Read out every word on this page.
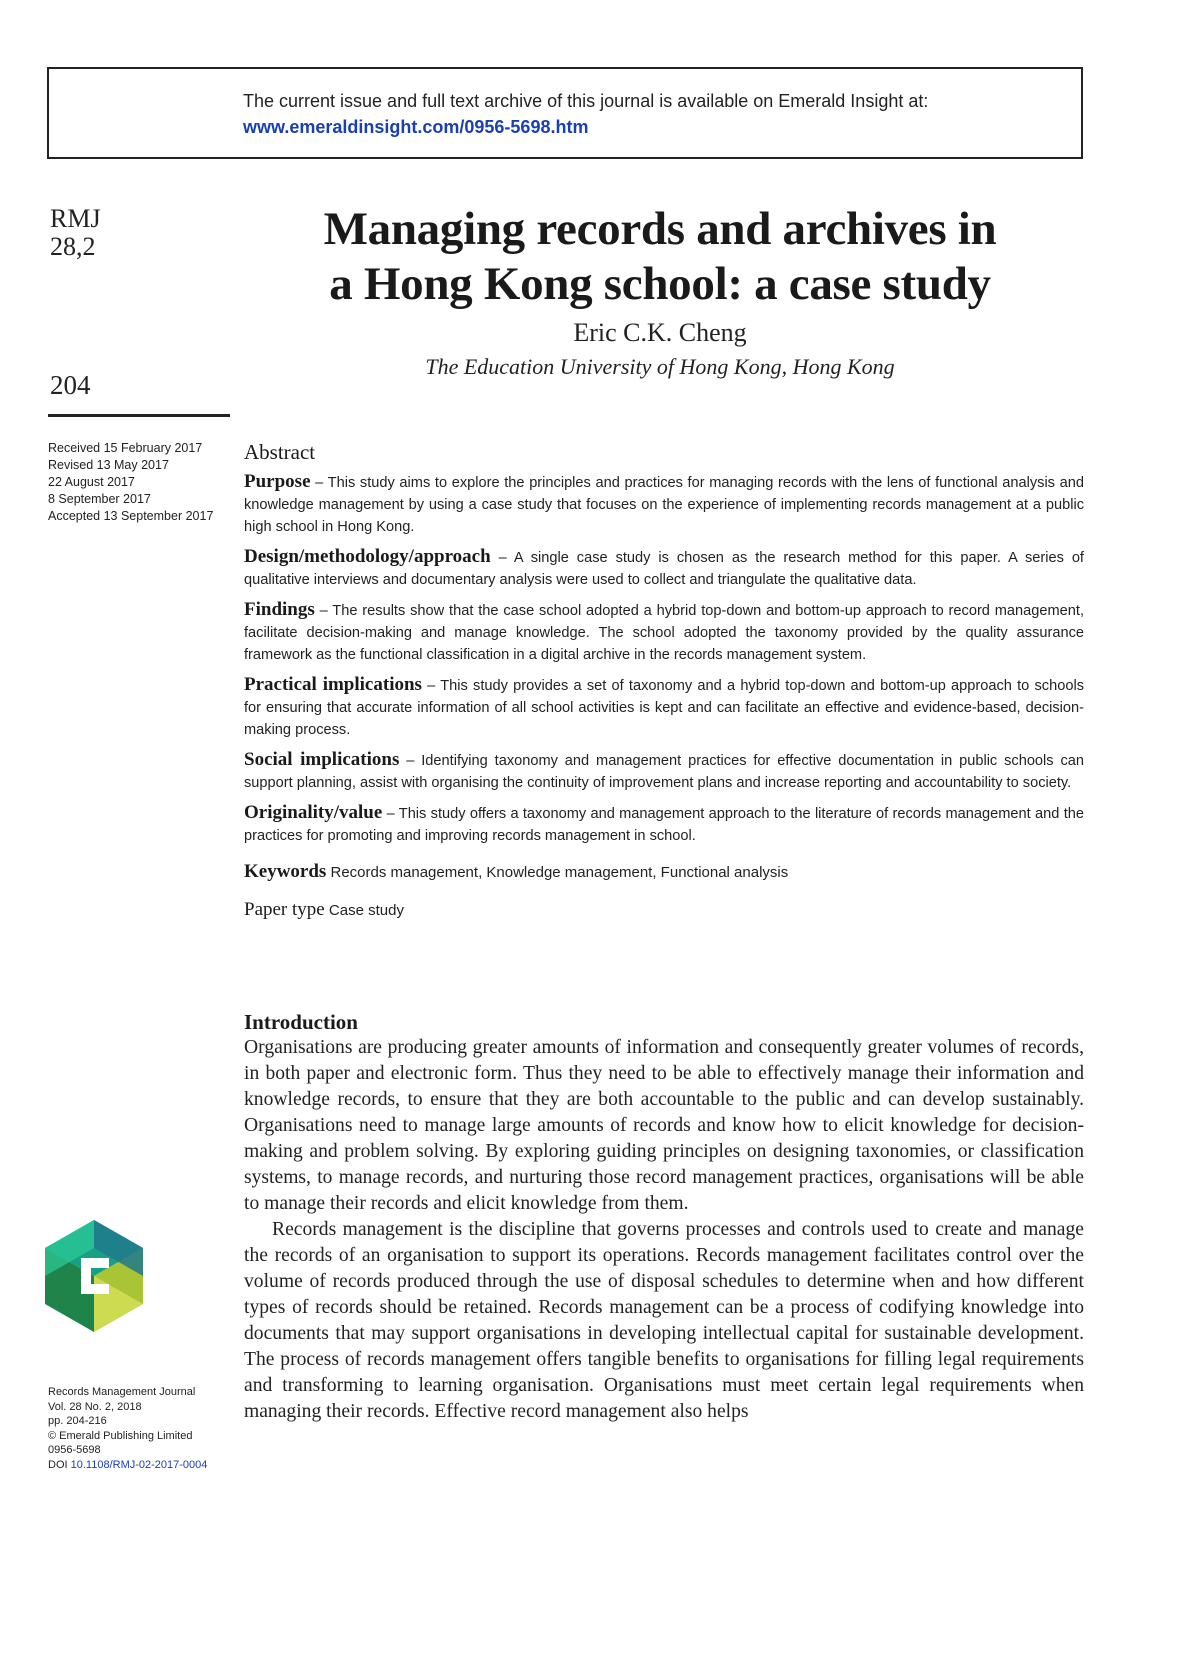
The current issue and full text archive of this journal is available on Emerald Insight at:
www.emeraldinsight.com/0956-5698.htm
RMJ
28,2
204
Received 15 February 2017
Revised 13 May 2017
22 August 2017
8 September 2017
Accepted 13 September 2017
Managing records and archives in
a Hong Kong school: a case study
Eric C.K. Cheng
The Education University of Hong Kong, Hong Kong
Abstract

Purpose – This study aims to explore the principles and practices for managing records with the lens of functional analysis and knowledge management by using a case study that focuses on the experience of implementing records management at a public high school in Hong Kong.

Design/methodology/approach – A single case study is chosen as the research method for this paper. A series of qualitative interviews and documentary analysis were used to collect and triangulate the qualitative data.

Findings – The results show that the case school adopted a hybrid top-down and bottom-up approach to record management, facilitate decision-making and manage knowledge. The school adopted the taxonomy provided by the quality assurance framework as the functional classification in a digital archive in the records management system.

Practical implications – This study provides a set of taxonomy and a hybrid top-down and bottom-up approach to schools for ensuring that accurate information of all school activities is kept and can facilitate an effective and evidence-based, decision-making process.

Social implications – Identifying taxonomy and management practices for effective documentation in public schools can support planning, assist with organising the continuity of improvement plans and increase reporting and accountability to society.

Originality/value – This study offers a taxonomy and management approach to the literature of records management and the practices for promoting and improving records management in school.

Keywords Records management, Knowledge management, Functional analysis
Paper type Case study
Introduction

Organisations are producing greater amounts of information and consequently greater volumes of records, in both paper and electronic form. Thus they need to be able to effectively manage their information and knowledge records, to ensure that they are both accountable to the public and can develop sustainably. Organisations need to manage large amounts of records and know how to elicit knowledge for decision-making and problem solving. By exploring guiding principles on designing taxonomies, or classification systems, to manage records, and nurturing those record management practices, organisations will be able to manage their records and elicit knowledge from them.

Records management is the discipline that governs processes and controls used to create and manage the records of an organisation to support its operations. Records management facilitates control over the volume of records produced through the use of disposal schedules to determine when and how different types of records should be retained. Records management can be a process of codifying knowledge into documents that may support organisations in developing intellectual capital for sustainable development. The process of records management offers tangible benefits to organisations for filling legal requirements and transforming to learning organisation. Organisations must meet certain legal requirements when managing their records. Effective record management also helps

Records Management Journal
Vol. 28 No. 2, 2018
pp. 204-216
© Emerald Publishing Limited
0956-5698
DOI 10.1108/RMJ-02-2017-0004
